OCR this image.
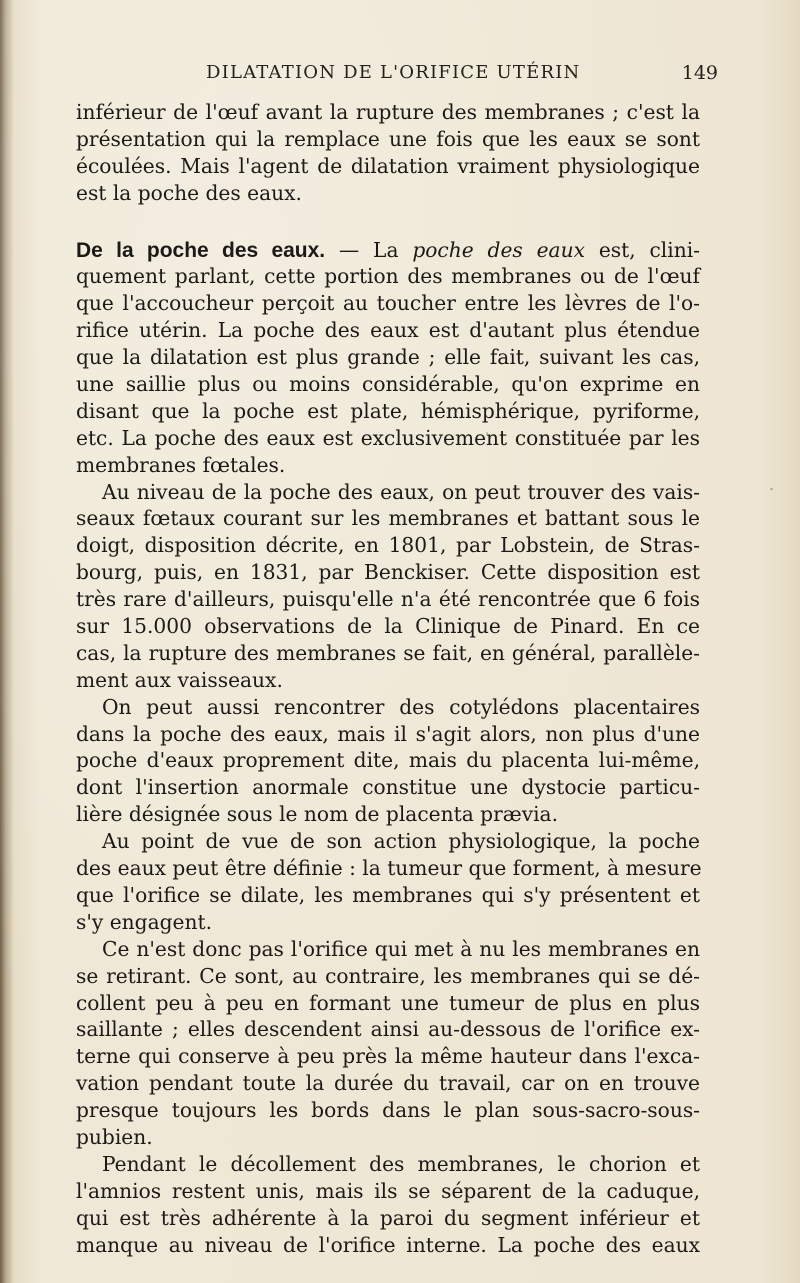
DILATATION DE L'ORIFICE UTÉRIN	149
inférieur de l'œuf avant la rupture des membranes ; c'est la
présentation qui la remplace une fois que les eaux se sont
écoulées. Mais l'agent de dilatation vraiment physiologique
est la poche des eaux.
De la poche des eaux. — La poche des eaux est, clini-
quement parlant, cette portion des membranes ou de l'œuf
que l'accoucheur perçoit au toucher entre les lèvres de l'o-
rifice utérin. La poche des eaux est d'autant plus étendue
que la dilatation est plus grande ; elle fait, suivant les cas,
une saillie plus ou moins considérable, qu'on exprime en
disant que la poche est plate, hémisphérique, pyriforme,
etc. La poche des eaux est exclusivement constituée par les
membranes fœtales.
Au niveau de la poche des eaux, on peut trouver des vais-
seaux fœtaux courant sur les membranes et battant sous le
doigt, disposition décrite, en 1801, par Lobstein, de Stras-
bourg, puis, en 1831, par Benckiser. Cette disposition est
très rare d'ailleurs, puisqu'elle n'a été rencontrée que 6 fois
sur 15.000 observations de la Clinique de Pinard. En ce
cas, la rupture des membranes se fait, en général, parallèle-
ment aux vaisseaux.
On peut aussi rencontrer des cotylédons placentaires
dans la poche des eaux, mais il s'agit alors, non plus d'une
poche d'eaux proprement dite, mais du placenta lui-même,
dont l'insertion anormale constitue une dystocie particu-
lière désignée sous le nom de placenta prævia.
Au point de vue de son action physiologique, la poche
des eaux peut être définie : la tumeur que forment, à mesure
que l'orifice se dilate, les membranes qui s'y présentent et
s'y engagent.
Ce n'est donc pas l'orifice qui met à nu les membranes en
se retirant. Ce sont, au contraire, les membranes qui se dé-
collent peu à peu en formant une tumeur de plus en plus
saillante ; elles descendent ainsi au-dessous de l'orifice ex-
terne qui conserve à peu près la même hauteur dans l'exca-
vation pendant toute la durée du travail, car on en trouve
presque toujours les bords dans le plan sous-sacro-sous-
pubien.
Pendant le décollement des membranes, le chorion et
l'amnios restent unis, mais ils se séparent de la caduque,
qui est très adhérente à la paroi du segment inférieur et
manque au niveau de l'orifice interne. La poche des eaux
